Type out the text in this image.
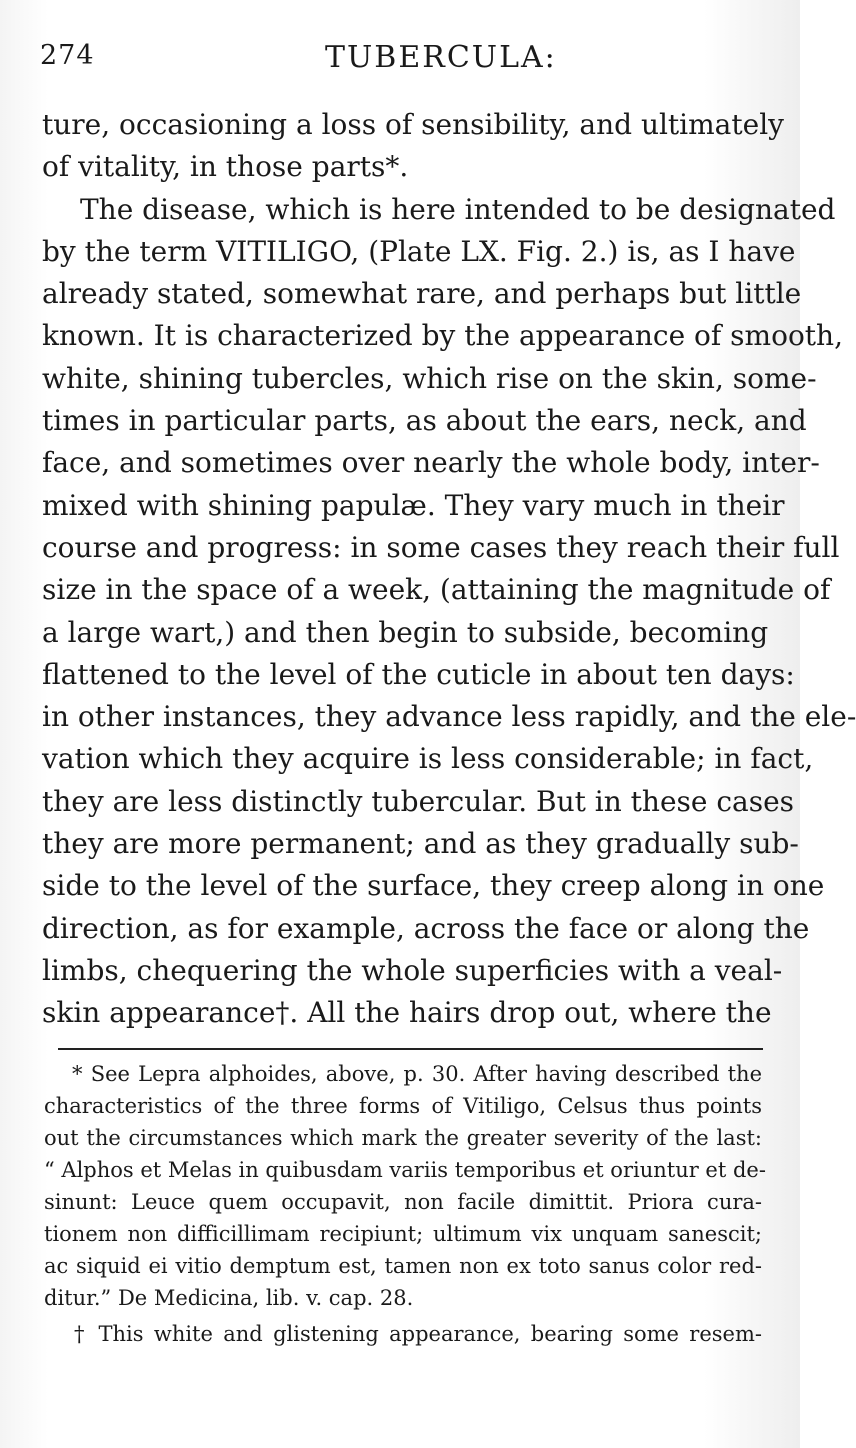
274	TUBERCULA:
ture, occasioning a loss of sensibility, and ultimately
of vitality, in those parts*.
The disease, which is here intended to be designated
by the term VITILIGO, (Plate LX. Fig. 2.) is, as I have
already stated, somewhat rare, and perhaps but little
known. It is characterized by the appearance of smooth,
white, shining tubercles, which rise on the skin, some-
times in particular parts, as about the ears, neck, and
face, and sometimes over nearly the whole body, inter-
mixed with shining papulæ. They vary much in their
course and progress: in some cases they reach their full
size in the space of a week, (attaining the magnitude of
a large wart,) and then begin to subside, becoming
flattened to the level of the cuticle in about ten days:
in other instances, they advance less rapidly, and the ele-
vation which they acquire is less considerable; in fact,
they are less distinctly tubercular. But in these cases
they are more permanent; and as they gradually sub-
side to the level of the surface, they creep along in one
direction, as for example, across the face or along the
limbs, chequering the whole superficies with a veal-
skin appearance†. All the hairs drop out, where the
* See Lepra alphoides, above, p. 30. After having described the
characteristics of the three forms of Vitiligo, Celsus thus points
out the circumstances which mark the greater severity of the last:
“ Alphos et Melas in quibusdam variis temporibus et oriuntur et de-
sinunt: Leuce quem occupavit, non facile dimittit. Priora cura-
tionem non difficillimam recipiunt; ultimum vix unquam sanescit;
ac siquid ei vitio demptum est, tamen non ex toto sanus color red-
ditur.” De Medicina, lib. v. cap. 28.
† This white and glistening appearance, bearing some resem-
